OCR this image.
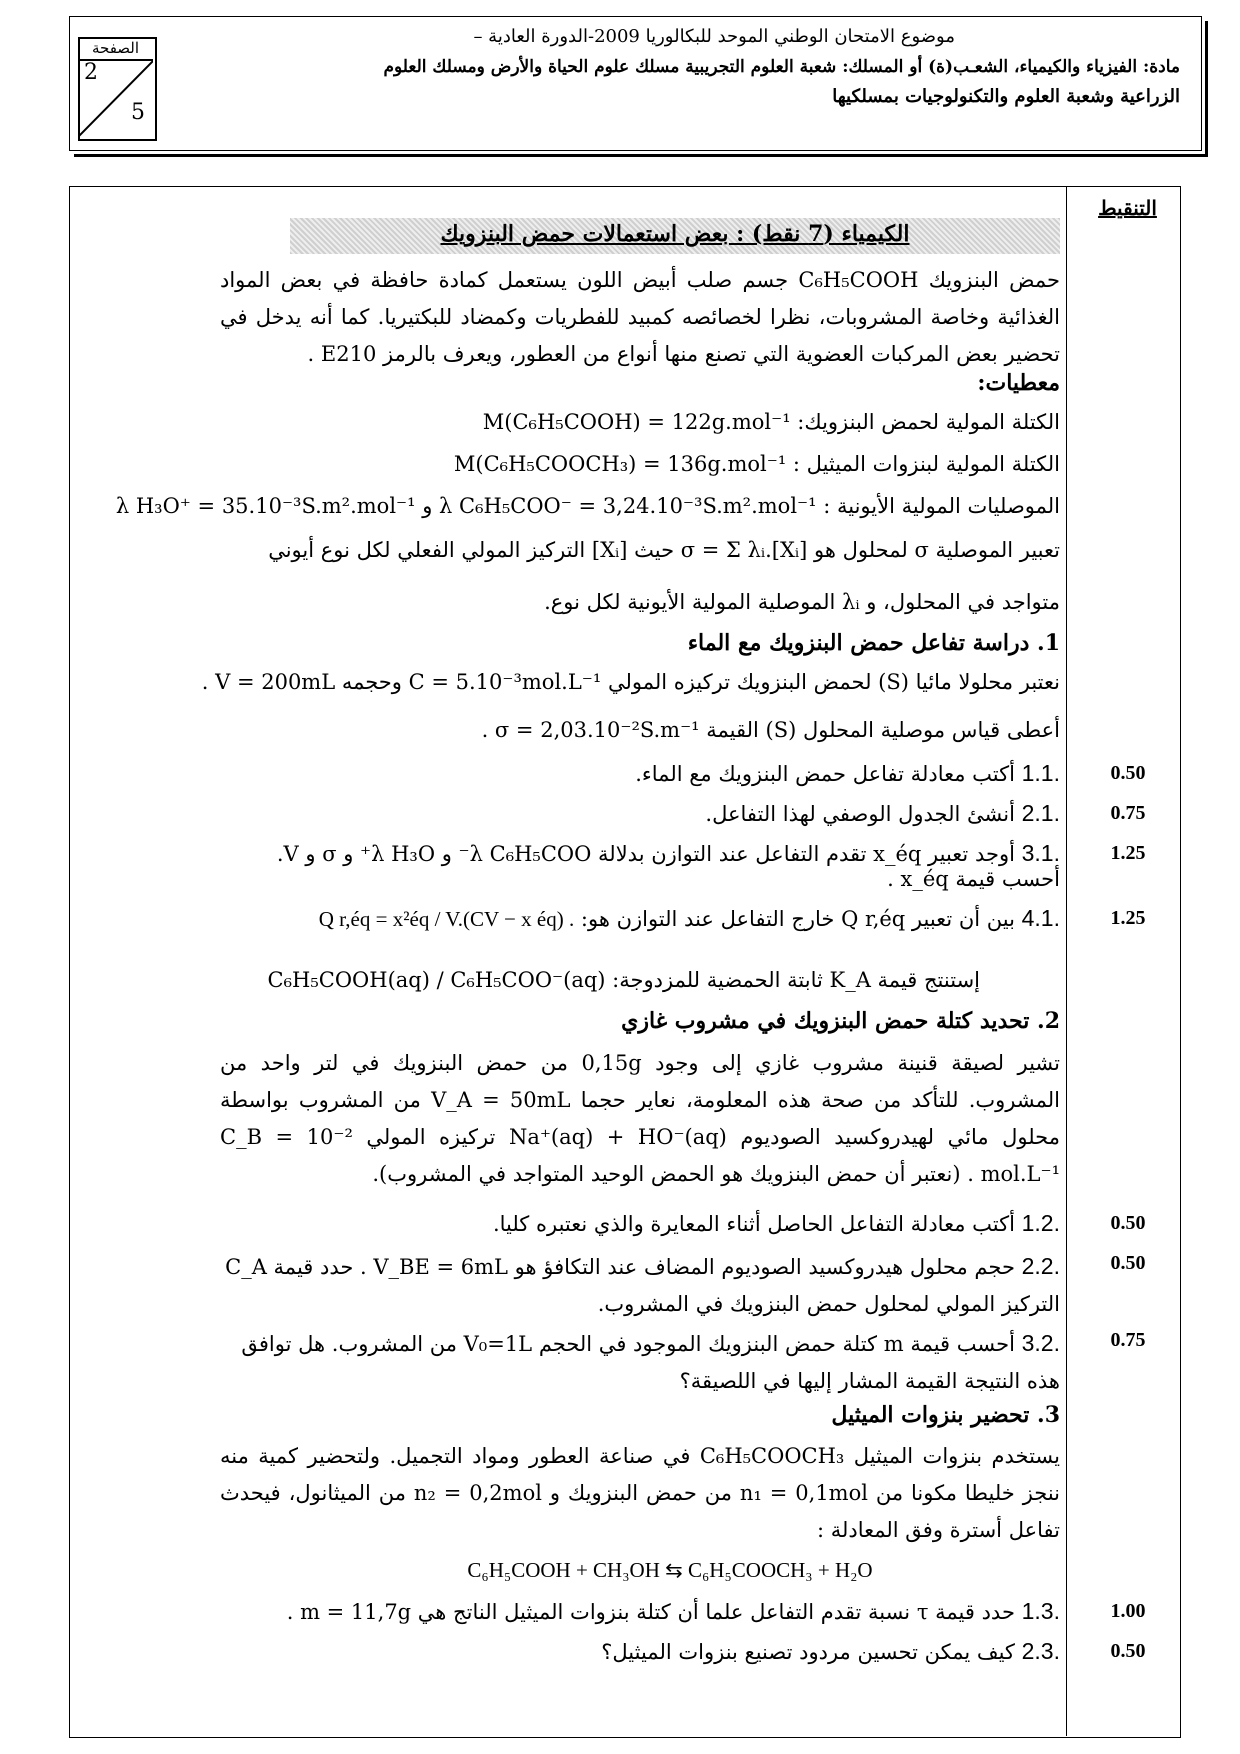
الصفحة
2
5
موضوع الامتحان الوطني الموحد للبكالوريا 2009-الدورة العادية –
مادة: الفيزياء والكيمياء، الشعـب(ة) أو المسلك: شعبة العلوم التجريبية مسلك علوم الحياة والأرض ومسلك العلوم
الزراعية وشعبة العلوم والتكنولوجيات بمسلكيها
التنقيط
الكيمياء (7 نقط) : بعض استعمالات حمض البنزويك
حمض البنزويك C₆H₅COOH جسم صلب أبيض اللون يستعمل كمادة حافظة في بعض المواد الغذائية وخاصة المشروبات، نظرا لخصائصه كمبيد للفطريات وكمضاد للبكتيريا. كما أنه يدخل في تحضير بعض المركبات العضوية التي تصنع منها أنواع من العطور، ويعرف بالرمز E210 .
معطيات:
الكتلة المولية لحمض البنزويك: M(C₆H₅COOH) = 122g.mol⁻¹
الكتلة المولية لبنزوات الميثيل : M(C₆H₅COOCH₃) = 136g.mol⁻¹
الموصليات المولية الأيونية : λ C₆H₅COO⁻ = 3,24.10⁻³S.m².mol⁻¹ و λ H₃O⁺ = 35.10⁻³S.m².mol⁻¹
تعبير الموصلية σ لمحلول هو σ = Σ λᵢ.[Xᵢ] حيث [Xᵢ] التركيز المولي الفعلي لكل نوع أيوني
متواجد في المحلول، و λᵢ الموصلية المولية الأيونية لكل نوع.
1. دراسة تفاعل حمض البنزويك مع الماء
نعتبر محلولا مائيا (S) لحمض البنزويك تركيزه المولي C = 5.10⁻³mol.L⁻¹ وحجمه V = 200mL .
أعطى قياس موصلية المحلول (S) القيمة σ = 2,03.10⁻²S.m⁻¹ .
1.1. أكتب معادلة تفاعل حمض البنزويك مع الماء.	0.50
2.1. أنشئ الجدول الوصفي لهذا التفاعل.	0.75
3.1. أوجد تعبير x_éq تقدم التفاعل عند التوازن بدلالة λ C₆H₅COO⁻ و λ H₃O⁺ و σ و V. أحسب قيمة x_éq .
1.25
4.1. بين أن تعبير Q r,éq خارج التفاعل عند التوازن هو: Q r,éq = x²éq / V.(CV − x éq) .	1.25
إستنتج قيمة K_A ثابتة الحمضية للمزدوجة: C₆H₅COOH(aq) / C₆H₅COO⁻(aq)
2. تحديد كتلة حمض البنزويك في مشروب غازي
تشير لصيقة قنينة مشروب غازي إلى وجود 0,15g من حمض البنزويك في لتر واحد من المشروب. للتأكد من صحة هذه المعلومة، نعاير حجما V_A = 50mL من المشروب بواسطة محلول مائي لهيدروكسيد الصوديوم Na⁺(aq) + HO⁻(aq) تركيزه المولي C_B = 10⁻² mol.L⁻¹ . (نعتبر أن حمض البنزويك هو الحمض الوحيد المتواجد في المشروب).
1.2. أكتب معادلة التفاعل الحاصل أثناء المعايرة والذي نعتبره كليا.	0.50
2.2. حجم محلول هيدروكسيد الصوديوم المضاف عند التكافؤ هو V_BE = 6mL . حدد قيمة C_A التركيز المولي لمحلول حمض البنزويك في المشروب.
0.50
3.2. أحسب قيمة m كتلة حمض البنزويك الموجود في الحجم V₀=1L من المشروب. هل توافق هذه النتيجة القيمة المشار إليها في اللصيقة؟
0.75
3. تحضير بنزوات الميثيل
يستخدم بنزوات الميثيل C₆H₅COOCH₃ في صناعة العطور ومواد التجميل. ولتحضير كمية منه ننجز خليطا مكونا من n₁ = 0,1mol من حمض البنزويك و n₂ = 0,2mol من الميثانول، فيحدث تفاعل أسترة وفق المعادلة :
C₆H₅COOH + CH₃OH ⇆ C₆H₅COOCH₃ + H₂O
1.3. حدد قيمة τ نسبة تقدم التفاعل علما أن كتلة بنزوات الميثيل الناتج هي m = 11,7g .	1.00
2.3. كيف يمكن تحسين مردود تصنيع بنزوات الميثيل؟	0.50
